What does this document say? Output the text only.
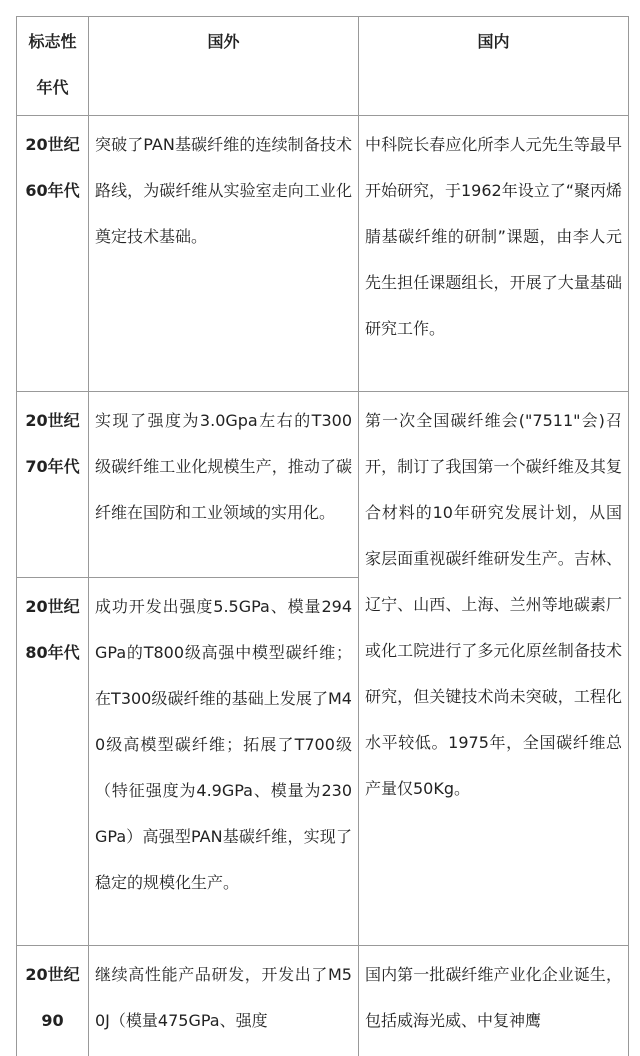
标志性年代	国外	国内
20世纪60年代	突破了PAN基碳纤维的连续制备技术路线，为碳纤维从实验室走向工业化奠定技术基础。	中科院长春应化所李人元先生等最早开始研究，于1962年设立了“聚丙烯腈基碳纤维的研制”课题，由李人元先生担任课题组长，开展了大量基础研究工作。
20世纪70年代	实现了强度为3.0Gpa左右的T300级碳纤维工业化规模生产，推动了碳纤维在国防和工业领域的实用化。	第一次全国碳纤维会("7511"会)召开，制订了我国第一个碳纤维及其复合材料的10年研究发展计划，从国家层面重视碳纤维研发生产。吉林、辽宁、山西、上海、兰州等地碳素厂或化工院进行了多元化原丝制备技术研究，但关键技术尚未突破，工程化水平较低。1975年，全国碳纤维总产量仅50Kg。
20世纪80年代	成功开发出强度5.5GPa、模量294GPa的T800级高强中模型碳纤维；在T300级碳纤维的基础上发展了M40级高模型碳纤维；拓展了T700级（特征强度为4.9GPa、模量为230GPa）高强型PAN基碳纤维，实现了稳定的规模化生产。	
20世纪90	继续高性能产品研发，开发出了M50J（模量475GPa、强度	国内第一批碳纤维产业化企业诞生，包括威海光威、中复神鹰
